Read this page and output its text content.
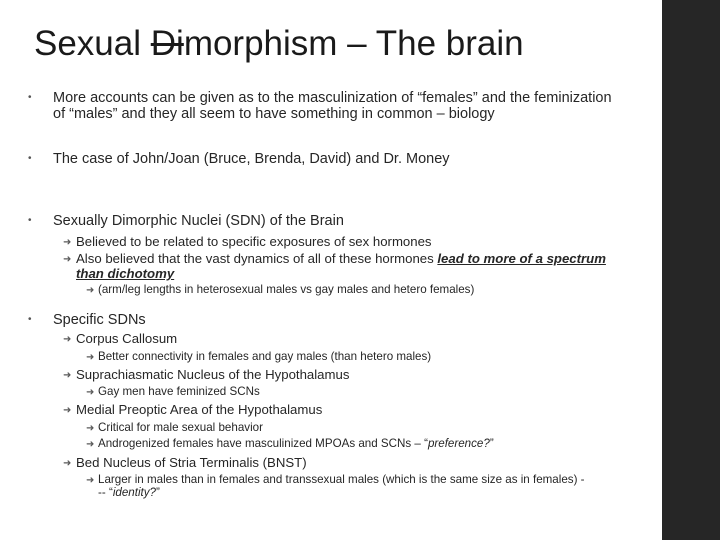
Sexual Dimorphism – The brain
• More accounts can be given as to the masculinization of “females” and the feminization of “males” and they all seem to have something in common – biology
• The case of John/Joan (Bruce, Brenda, David) and Dr. Money
• Sexually Dimorphic Nuclei (SDN) of the Brain
➜ Believed to be related to specific exposures of sex hormones
➜ Also believed that the vast dynamics of all of these hormones lead to more of a spectrum than dichotomy
➜ (arm/leg lengths in heterosexual males vs gay males and hetero females)
• Specific SDNs
➜ Corpus Callosum
➜ Better connectivity in females and gay males (than hetero males)
➜ Suprachiasmatic Nucleus of the Hypothalamus
➜ Gay men have feminized SCNs
➜ Medial Preoptic Area of the Hypothalamus
➜ Critical for male sexual behavior
➜ Androgenized females have masculinized MPOAs and SCNs – “preference?”
➜ Bed Nucleus of Stria Terminalis (BNST)
➜ Larger in males than in females and transsexual males (which is the same size as in females) --- “identity?”
